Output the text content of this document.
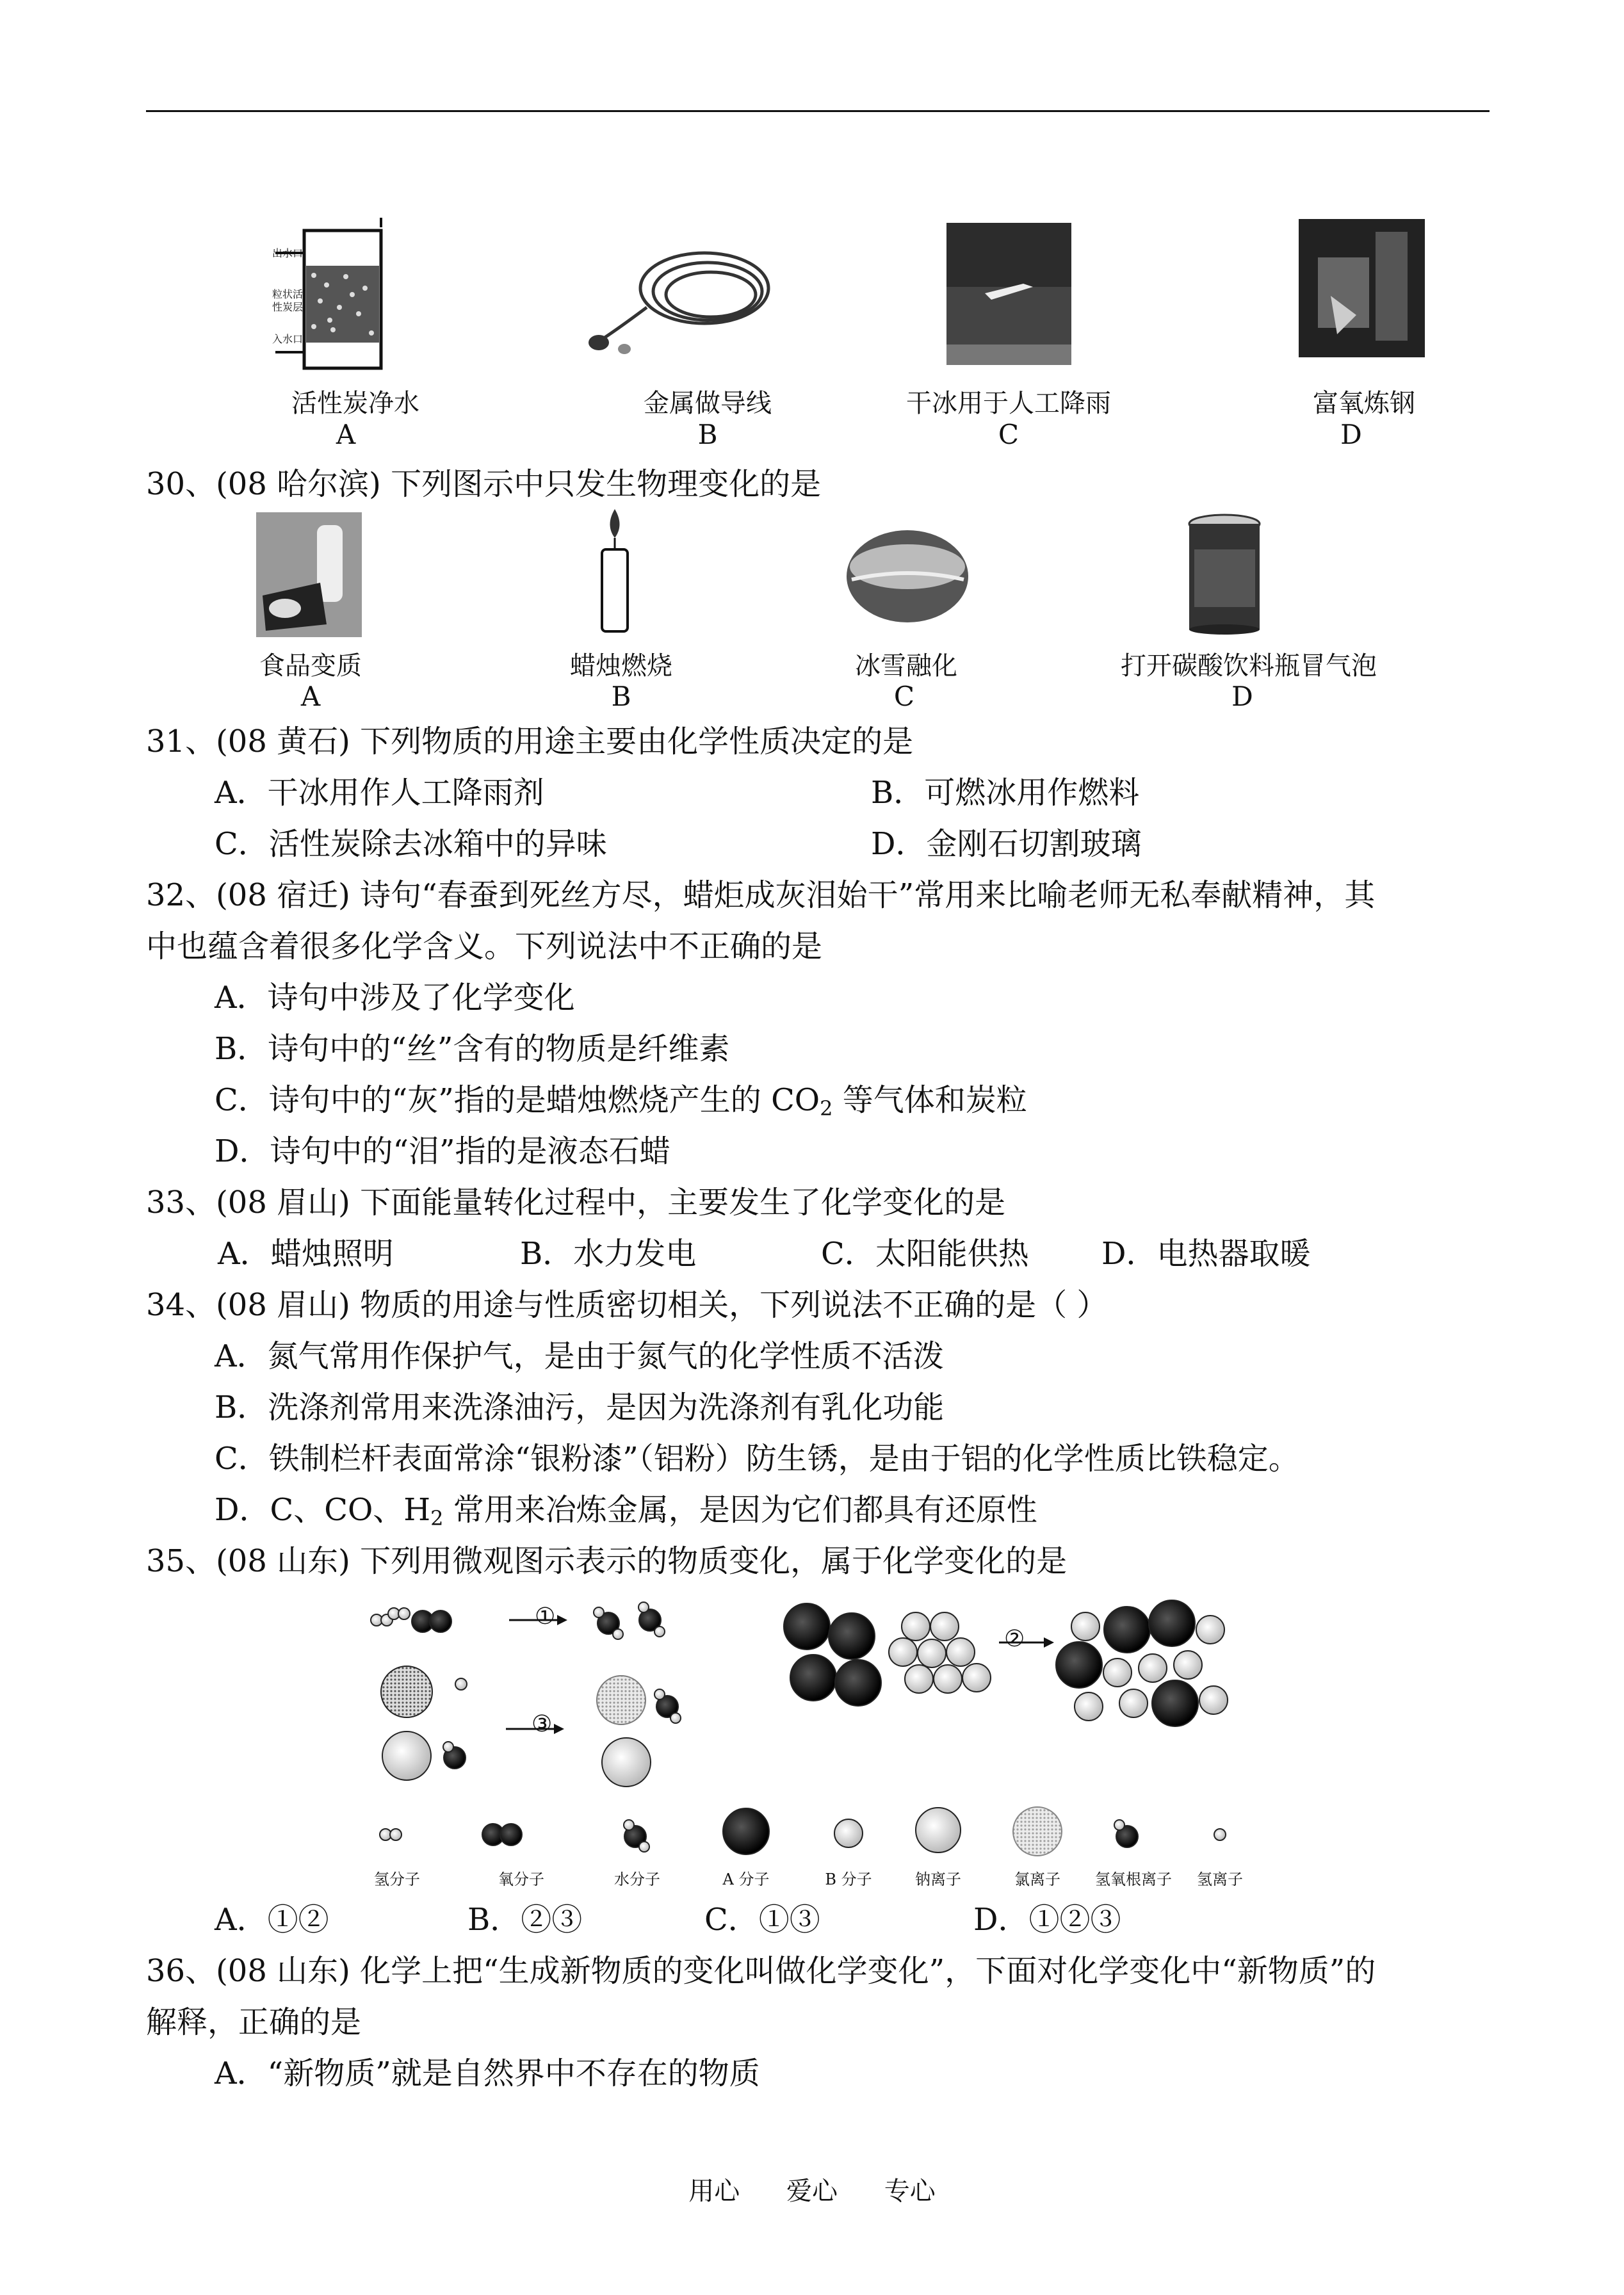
出水口
粒状活性炭层
入水口
活性炭净水
A
金属做导线
B
干冰用于人工降雨
C
富氧炼钢
D
30、(08 哈尔滨) 下列图示中只发生物理变化的是
食品变质
A
蜡烛燃烧
B
冰雪融化
C
打开碳酸饮料瓶冒气泡
D
31、(08 黄石) 下列物质的用途主要由化学性质决定的是
A．干冰用作人工降雨剂	B．可燃冰用作燃料
C．活性炭除去冰箱中的异味	D．金刚石切割玻璃
32、(08 宿迁) 诗句“春蚕到死丝方尽，蜡炬成灰泪始干”常用来比喻老师无私奉献精神，其
中也蕴含着很多化学含义。下列说法中不正确的是
A．诗句中涉及了化学变化
B．诗句中的“丝”含有的物质是纤维素
C．诗句中的“灰”指的是蜡烛燃烧产生的 $CO_2$ 等气体和炭粒
D．诗句中的“泪”指的是液态石蜡
33、(08 眉山) 下面能量转化过程中，主要发生了化学变化的是
A．蜡烛照明	B．水力发电	C．太阳能供热 D．电热器取暖
34、(08 眉山) 物质的用途与性质密切相关，下列说法不正确的是（ ）
A．氮气常用作保护气，是由于氮气的化学性质不活泼
B．洗涤剂常用来洗涤油污，是因为洗涤剂有乳化功能
C．铁制栏杆表面常涂“银粉漆”（铝粉）防生锈，是由于铝的化学性质比铁稳定。
D．C、CO、$H_2$ 常用来冶炼金属，是因为它们都具有还原性
35、(08 山东) 下列用微观图示表示的物质变化，属于化学变化的是
①
②
③
氢分子	氧分子	水分子	A 分子	B 分子	钠离子	氯离子	氢氧根离子	氢离子
A．①②	B．②③	C．①③	D．①②③
36、(08 山东) 化学上把“生成新物质的变化叫做化学变化”，下面对化学变化中“新物质”的
解释，正确的是
A．“新物质”就是自然界中不存在的物质
用心 爱心 专心
